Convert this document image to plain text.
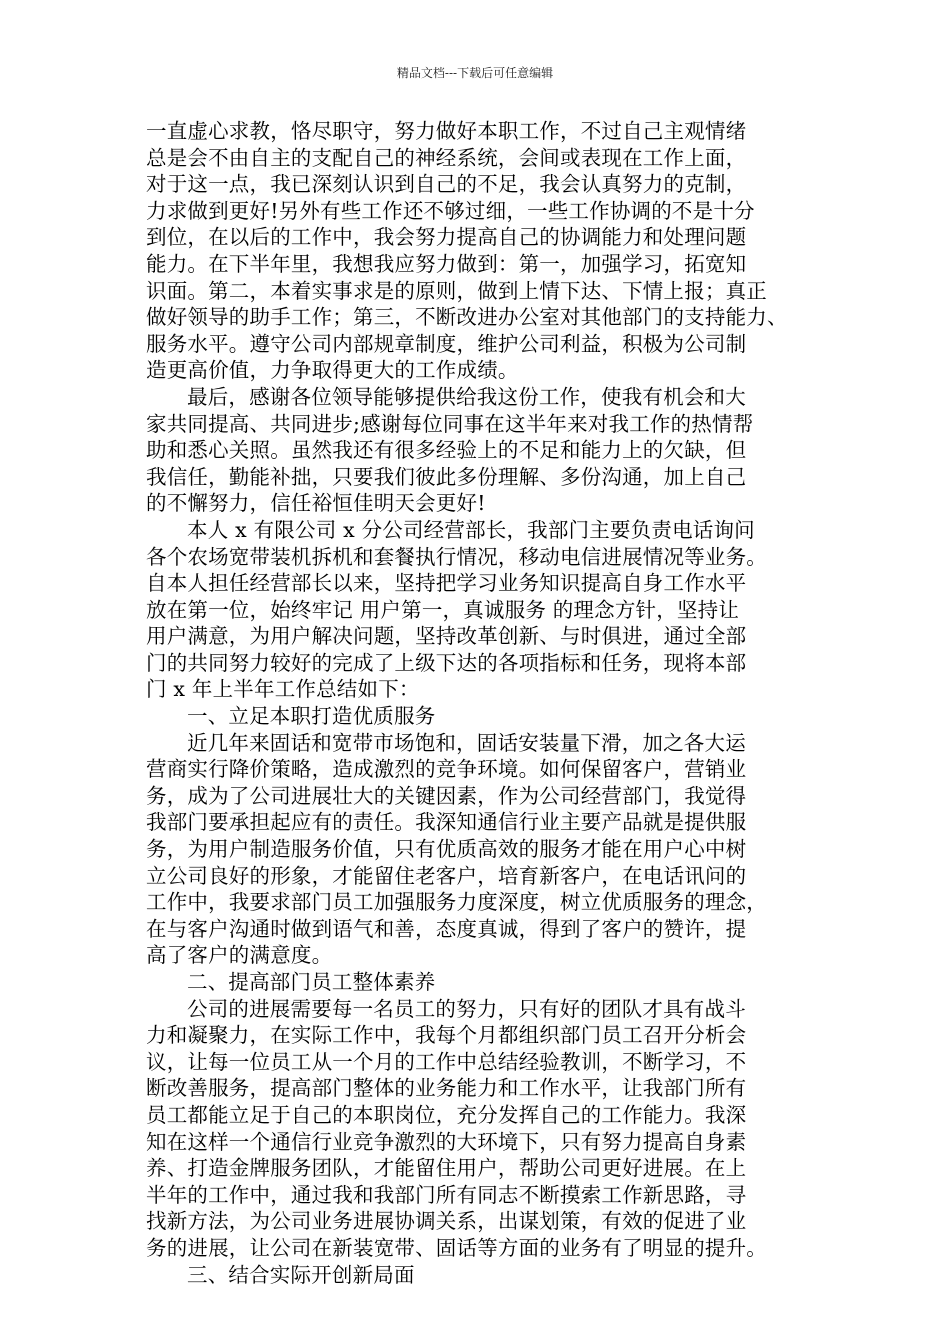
精品文档---下载后可任意编辑
一直虚心求教，恪尽职守，努力做好本职工作，不过自己主观情绪
总是会不由自主的支配自己的神经系统，会间或表现在工作上面，
对于这一点，我已深刻认识到自己的不足，我会认真努力的克制，
力求做到更好!另外有些工作还不够过细，一些工作协调的不是十分
到位，在以后的工作中，我会努力提高自己的协调能力和处理问题
能力。在下半年里，我想我应努力做到：第一，加强学习，拓宽知
识面。第二，本着实事求是的原则，做到上情下达、下情上报；真正
做好领导的助手工作；第三，不断改进办公室对其他部门的支持能力、
服务水平。遵守公司内部规章制度，维护公司利益，积极为公司制
造更高价值，力争取得更大的工作成绩。
最后，感谢各位领导能够提供给我这份工作，使我有机会和大
家共同提高、共同进步;感谢每位同事在这半年来对我工作的热情帮
助和悉心关照。虽然我还有很多经验上的不足和能力上的欠缺，但
我信任，勤能补拙，只要我们彼此多份理解、多份沟通，加上自己
的不懈努力，信任裕恒佳明天会更好!
本人 x 有限公司 x 分公司经营部长，我部门主要负责电话询问
各个农场宽带装机拆机和套餐执行情况，移动电信进展情况等业务。
自本人担任经营部长以来，坚持把学习业务知识提高自身工作水平
放在第一位，始终牢记 用户第一，真诚服务 的理念方针，坚持让
用户满意，为用户解决问题，坚持改革创新、与时俱进，通过全部
门的共同努力较好的完成了上级下达的各项指标和任务，现将本部
门 x 年上半年工作总结如下：
一、立足本职打造优质服务
近几年来固话和宽带市场饱和，固话安装量下滑，加之各大运
营商实行降价策略，造成激烈的竞争环境。如何保留客户，营销业
务，成为了公司进展壮大的关键因素，作为公司经营部门，我觉得
我部门要承担起应有的责任。我深知通信行业主要产品就是提供服
务，为用户制造服务价值，只有优质高效的服务才能在用户心中树
立公司良好的形象，才能留住老客户，培育新客户，在电话讯问的
工作中，我要求部门员工加强服务力度深度，树立优质服务的理念，
在与客户沟通时做到语气和善，态度真诚，得到了客户的赞许，提
高了客户的满意度。
二、提高部门员工整体素养
公司的进展需要每一名员工的努力，只有好的团队才具有战斗
力和凝聚力，在实际工作中，我每个月都组织部门员工召开分析会
议，让每一位员工从一个月的工作中总结经验教训，不断学习，不
断改善服务，提高部门整体的业务能力和工作水平，让我部门所有
员工都能立足于自己的本职岗位，充分发挥自己的工作能力。我深
知在这样一个通信行业竞争激烈的大环境下，只有努力提高自身素
养、打造金牌服务团队，才能留住用户，帮助公司更好进展。在上
半年的工作中，通过我和我部门所有同志不断摸索工作新思路，寻
找新方法，为公司业务进展协调关系，出谋划策，有效的促进了业
务的进展，让公司在新装宽带、固话等方面的业务有了明显的提升。
三、结合实际开创新局面
